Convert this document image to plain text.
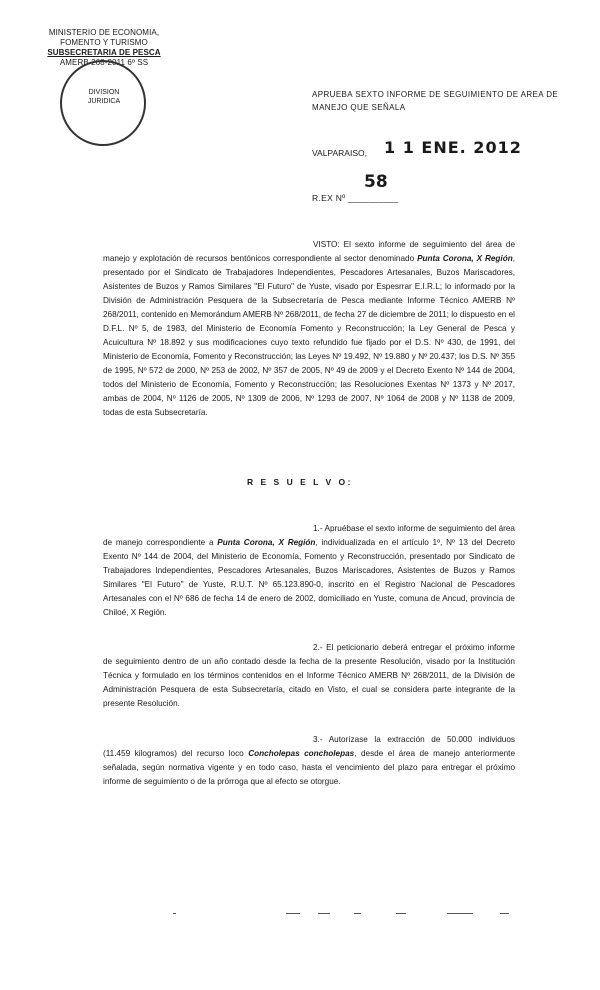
MINISTERIO DE ECONOMIA,
FOMENTO Y TURISMO
SUBSECRETARIA DE PESCA
AMERB 268-2011 6º SS
DIVISION
JURIDICA
APRUEBA SEXTO INFORME DE SEGUIMIENTO DE AREA DE MANEJO QUE SEÑALA
VALPARAISO, 1 1 ENE. 2012
58
R.EX Nº __________
VISTO: El sexto informe de seguimiento del área de manejo y explotación de recursos bentónicos correspondiente al sector denominado Punta Corona, X Región, presentado por el Sindicato de Trabajadores Independientes, Pescadores Artesanales, Buzos Mariscadores, Asistentes de Buzos y Ramos Similares "El Futuro" de Yuste, visado por Espesrrar E.I.R.L; lo informado por la División de Administración Pesquera de la Subsecretaría de Pesca mediante Informe Técnico AMERB Nº 268/2011, contenido en Memorándum AMERB Nº 268/2011, de fecha 27 de diciembre de 2011; lo dispuesto en el D.F.L. Nº 5, de 1983, del Ministerio de Economía Fomento y Reconstrucción; la Ley General de Pesca y Acuicultura Nº 18.892 y sus modificaciones cuyo texto refundido fue fijado por el D.S. Nº 430, de 1991, del Ministerio de Economía, Fomento y Reconstrucción; las Leyes Nº 19.492, Nº 19.880 y Nº 20.437; los D.S. Nº 355 de 1995, Nº 572 de 2000, Nº 253 de 2002, Nº 357 de 2005, Nº 49 de 2009 y el Decreto Exento Nº 144 de 2004, todos del Ministerio de Economía, Fomento y Reconstrucción; las Resoluciones Exentas Nº 1373 y Nº 2017, ambas de 2004, Nº 1126 de 2005, Nº 1309 de 2006, Nº 1293 de 2007, Nº 1064 de 2008 y Nº 1138 de 2009, todas de esta Subsecretaría.
R E S U E L V O:
1.- Apruébase el sexto informe de seguimiento del área de manejo correspondiente a Punta Corona, X Región, individualizada en el artículo 1º, Nº 13 del Decreto Exento Nº 144 de 2004, del Ministerio de Economía, Fomento y Reconstrucción, presentado por Sindicato de Trabajadores Independientes, Pescadores Artesanales, Buzos Mariscadores, Asistentes de Buzos y Ramos Similares "El Futuro" de Yuste, R.U.T. Nº 65.123.890-0, inscrito en el Registro Nacional de Pescadores Artesanales con el Nº 686 de fecha 14 de enero de 2002, domiciliado en Yuste, comuna de Ancud, provincia de Chiloé, X Región.
2.- El peticionario deberá entregar el próximo informe de seguimiento dentro de un año contado desde la fecha de la presente Resolución, visado por la Institución Técnica y formulado en los términos contenidos en el Informe Técnico AMERB Nº 268/2011, de la División de Administración Pesquera de esta Subsecretaría, citado en Visto, el cual se considera parte integrante de la presente Resolución.
3.- Autorízase la extracción de 50.000 individuos (11.459 kilogramos) del recurso loco Concholepas concholepas, desde el área de manejo anteriormente señalada, según normativa vigente y en todo caso, hasta el vencimiento del plazo para entregar el próximo informe de seguimiento o de la prórroga que al efecto se otorgue.
